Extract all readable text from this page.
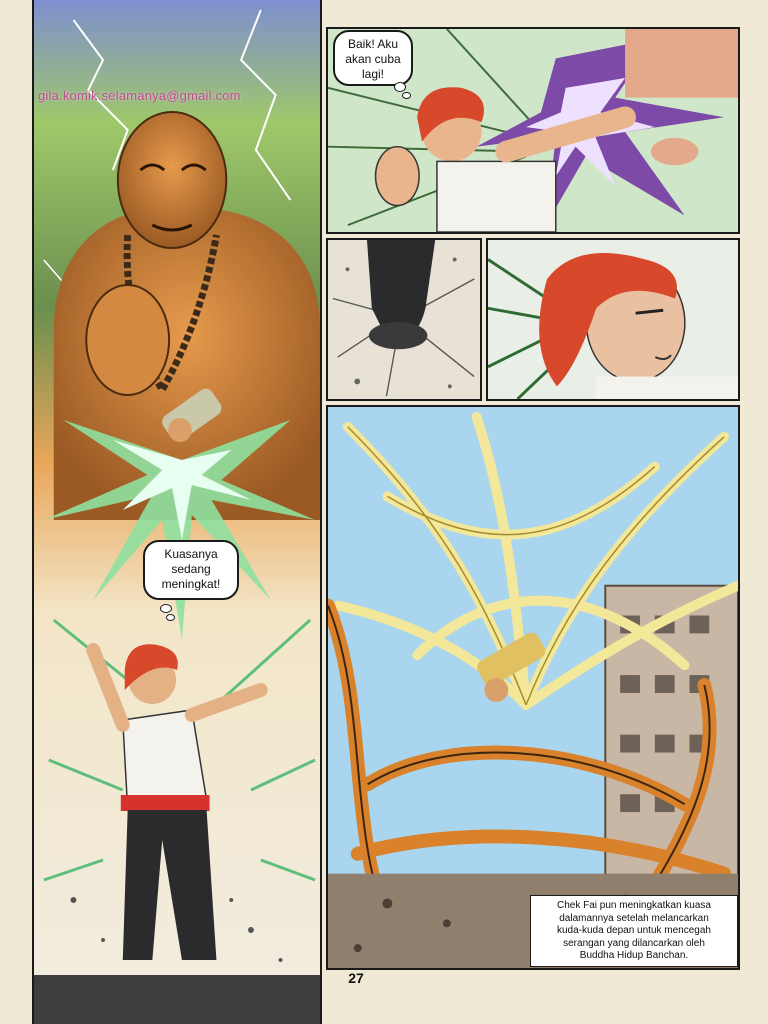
Baik! Aku
akan cuba
lagi!
Kuasanya
sedang
meningkat!
Chek Fai pun meningkatkan kuasa
dalamannya setelah melancarkan
kuda-kuda depan untuk mencegah
serangan yang dilancarkan oleh
Buddha Hidup Banchan.
gila.komik.selamanya@gmail.com
27
